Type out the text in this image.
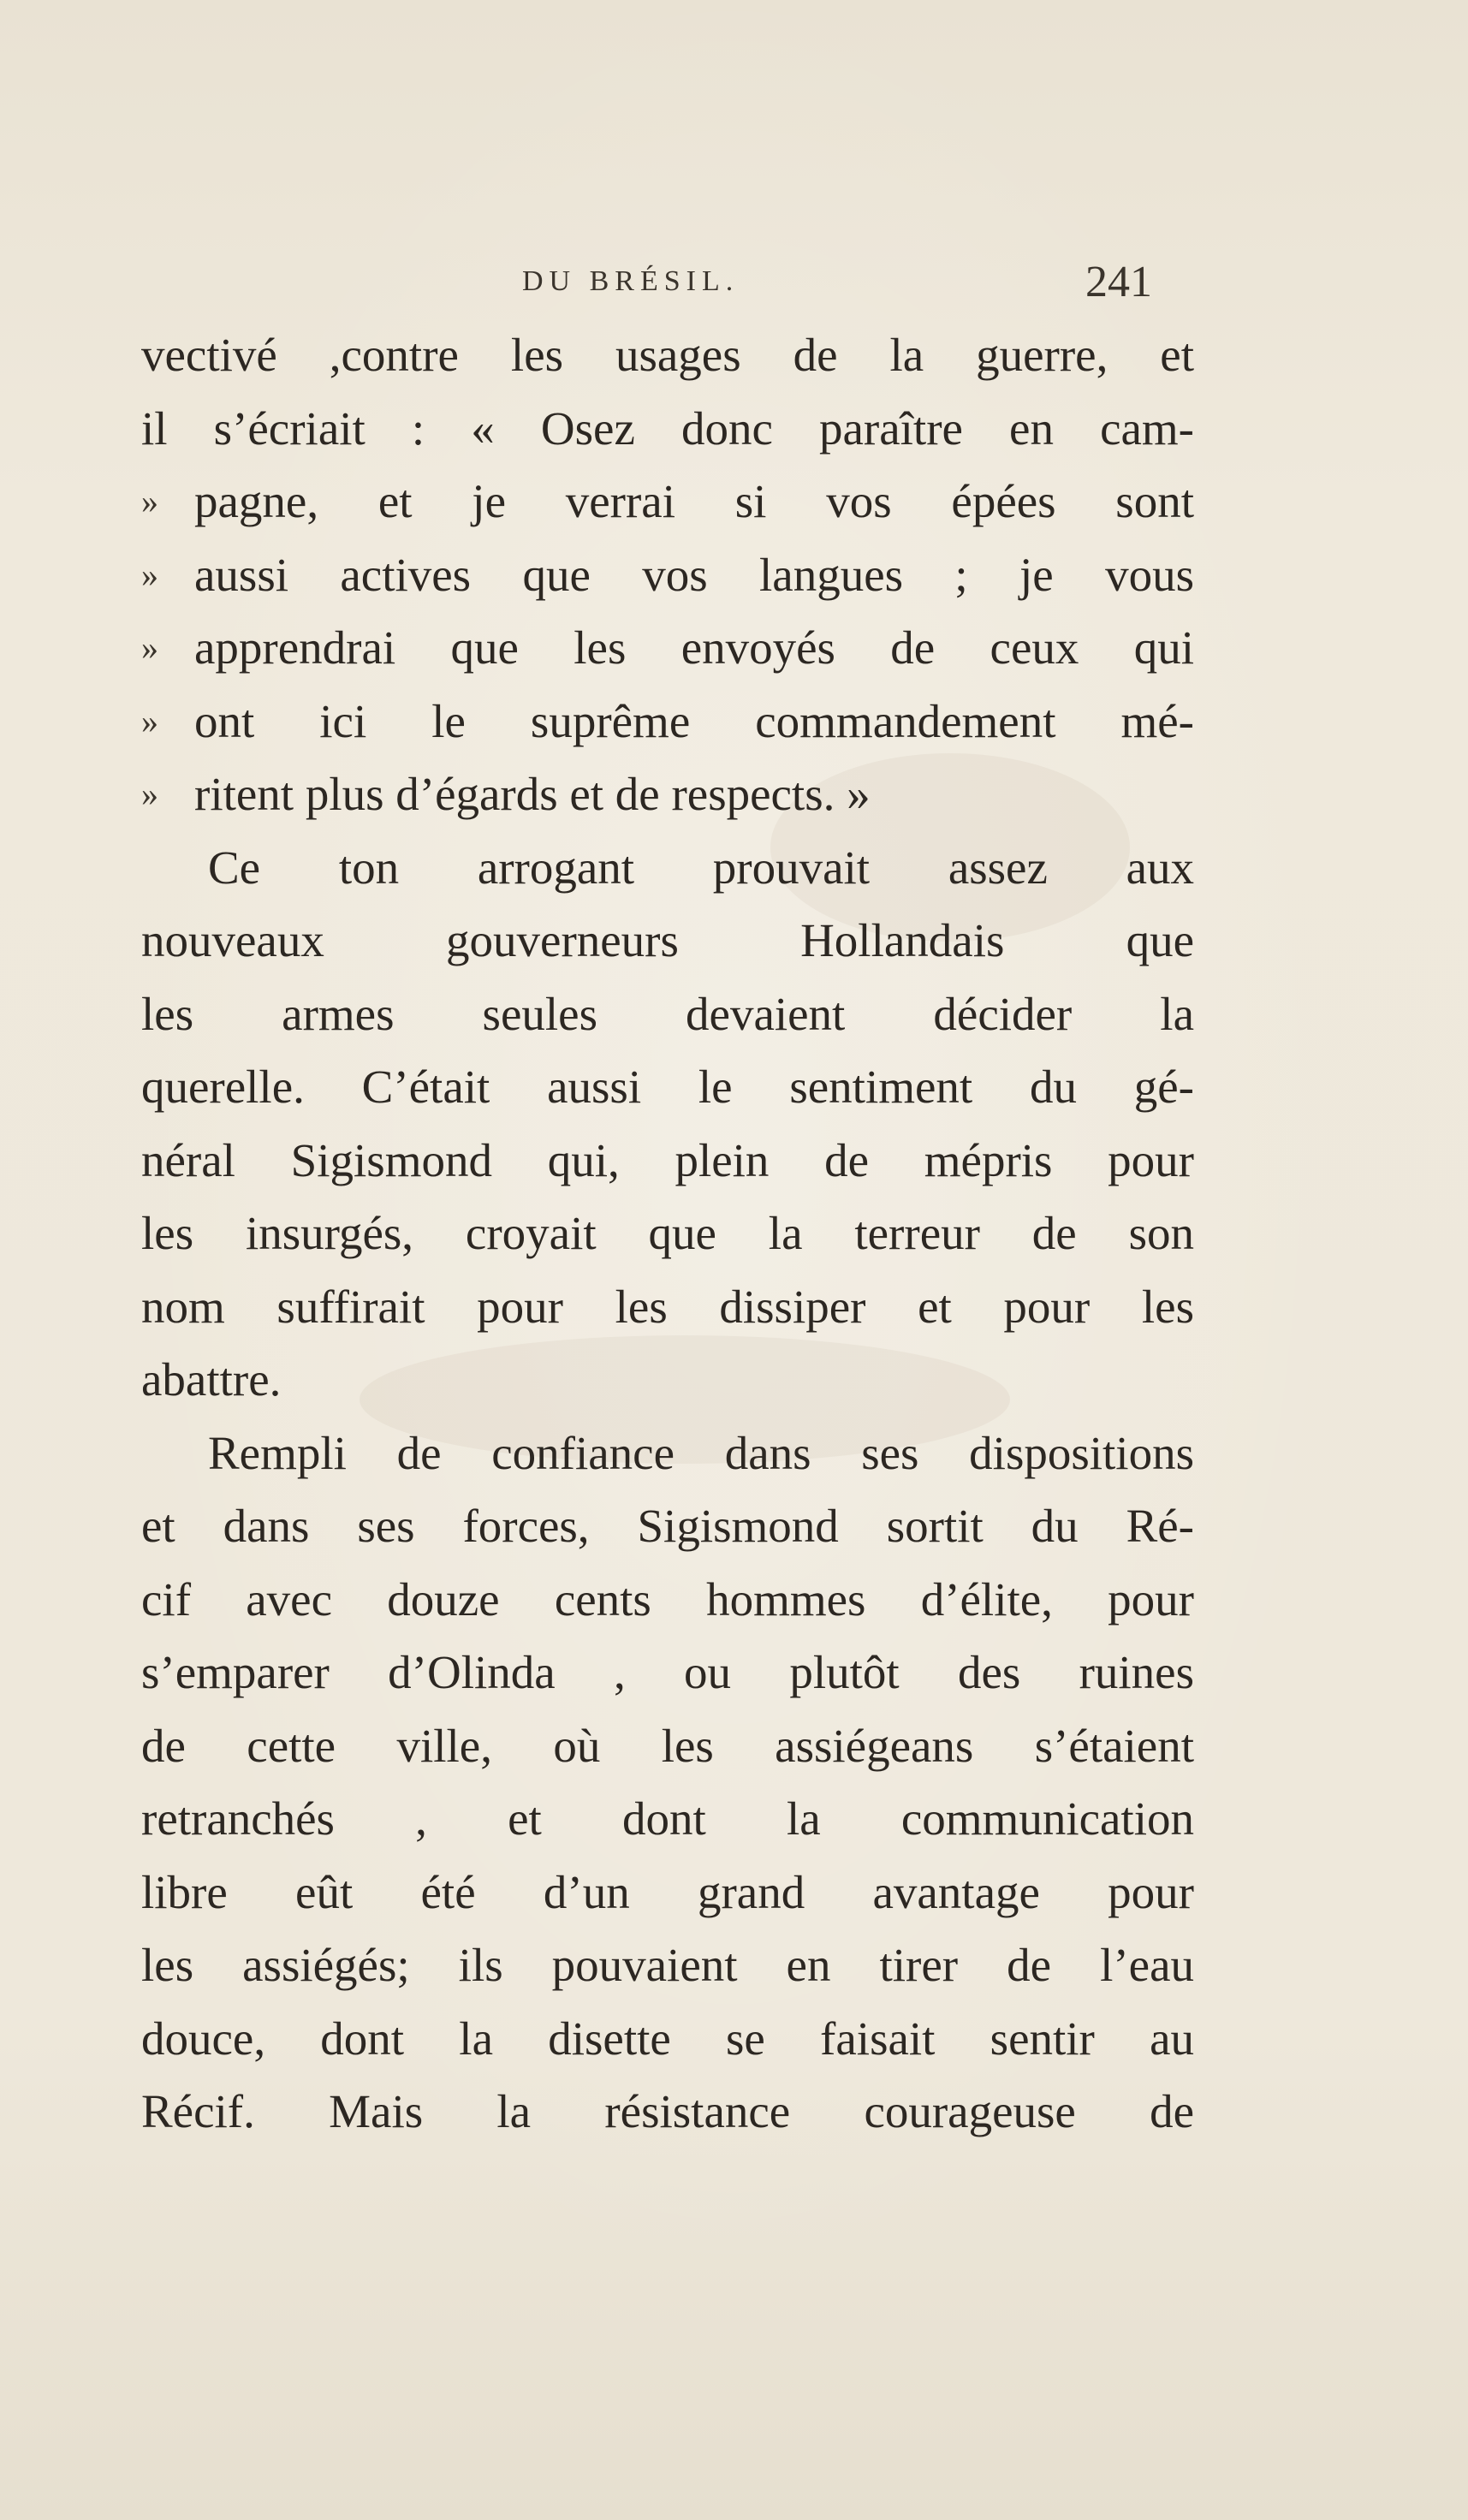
DU BRÉSIL.	241
vectivé ,contre les usages de la guerre, et
il s’écriait : « Osez donc paraître en cam-
» pagne, et je verrai si vos épées sont
» aussi actives que vos langues ; je vous
» apprendrai que les envoyés de ceux qui
» ont ici le suprême commandement mé-
» ritent plus d’égards et de respects. »
Ce ton arrogant prouvait assez aux
nouveaux gouverneurs Hollandais que
les armes seules devaient décider la
querelle. C’était aussi le sentiment du gé-
néral Sigismond qui, plein de mépris pour
les insurgés, croyait que la terreur de son
nom suffirait pour les dissiper et pour les
abattre.
Rempli de confiance dans ses dispositions
et dans ses forces, Sigismond sortit du Ré-
cif avec douze cents hommes d’élite, pour
s’emparer d’Olinda , ou plutôt des ruines
de cette ville, où les assiégeans s’étaient
retranchés , et dont la communication
libre eût été d’un grand avantage pour
les assiégés; ils pouvaient en tirer de l’eau
douce, dont la disette se faisait sentir au
Récif. Mais la résistance courageuse de
